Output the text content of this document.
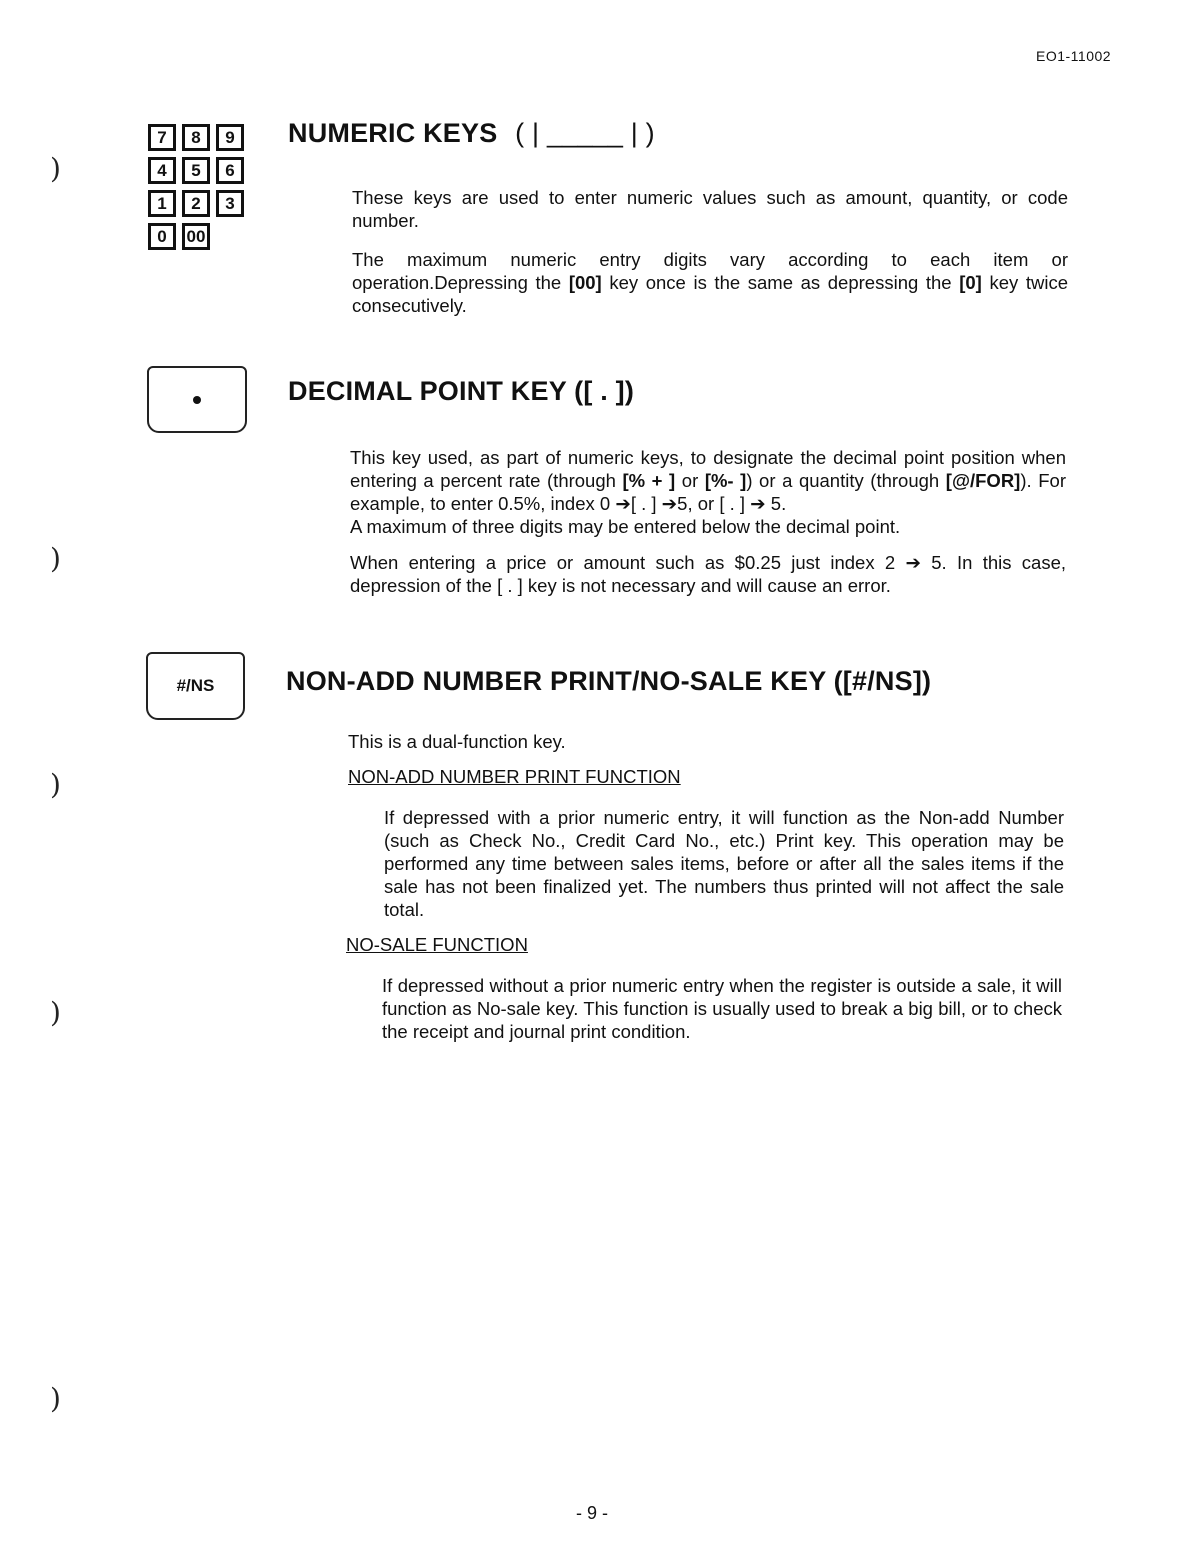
EO1-11002
)
)
)
)
)
7	8	9
4	5	6
1	2	3
0	00
NUMERIC KEYS ( | _____ | )
These keys are used to enter numeric values such as amount, quantity, or code number.
The maximum numeric entry digits vary according to each item or operation.Depressing the [00] key once is the same as depressing the [0] key twice consecutively.
DECIMAL POINT KEY ([ . ])
This key used, as part of numeric keys, to designate the decimal point position when entering a percent rate (through [% + ] or [%- ]) or a quantity (through [@/FOR]). For example, to enter 0.5%, index 0 ➔[ . ] ➔5, or [ . ] ➔ 5.
A maximum of three digits may be entered below the decimal point.
When entering a price or amount such as $0.25 just index 2 ➔ 5. In this case, depression of the [ . ] key is not necessary and will cause an error.
#/NS	NON-ADD NUMBER PRINT/NO-SALE KEY ([#/NS])
This is a dual-function key.
NON-ADD NUMBER PRINT FUNCTION
If depressed with a prior numeric entry, it will function as the Non-add Number (such as Check No., Credit Card No., etc.) Print key. This operation may be performed any time between sales items, before or after all the sales items if the sale has not been finalized yet. The numbers thus printed will not affect the sale total.
NO-SALE FUNCTION
If depressed without a prior numeric entry when the register is outside a sale, it will function as No-sale key. This function is usually used to break a big bill, or to check the receipt and journal print condition.
- 9 -
